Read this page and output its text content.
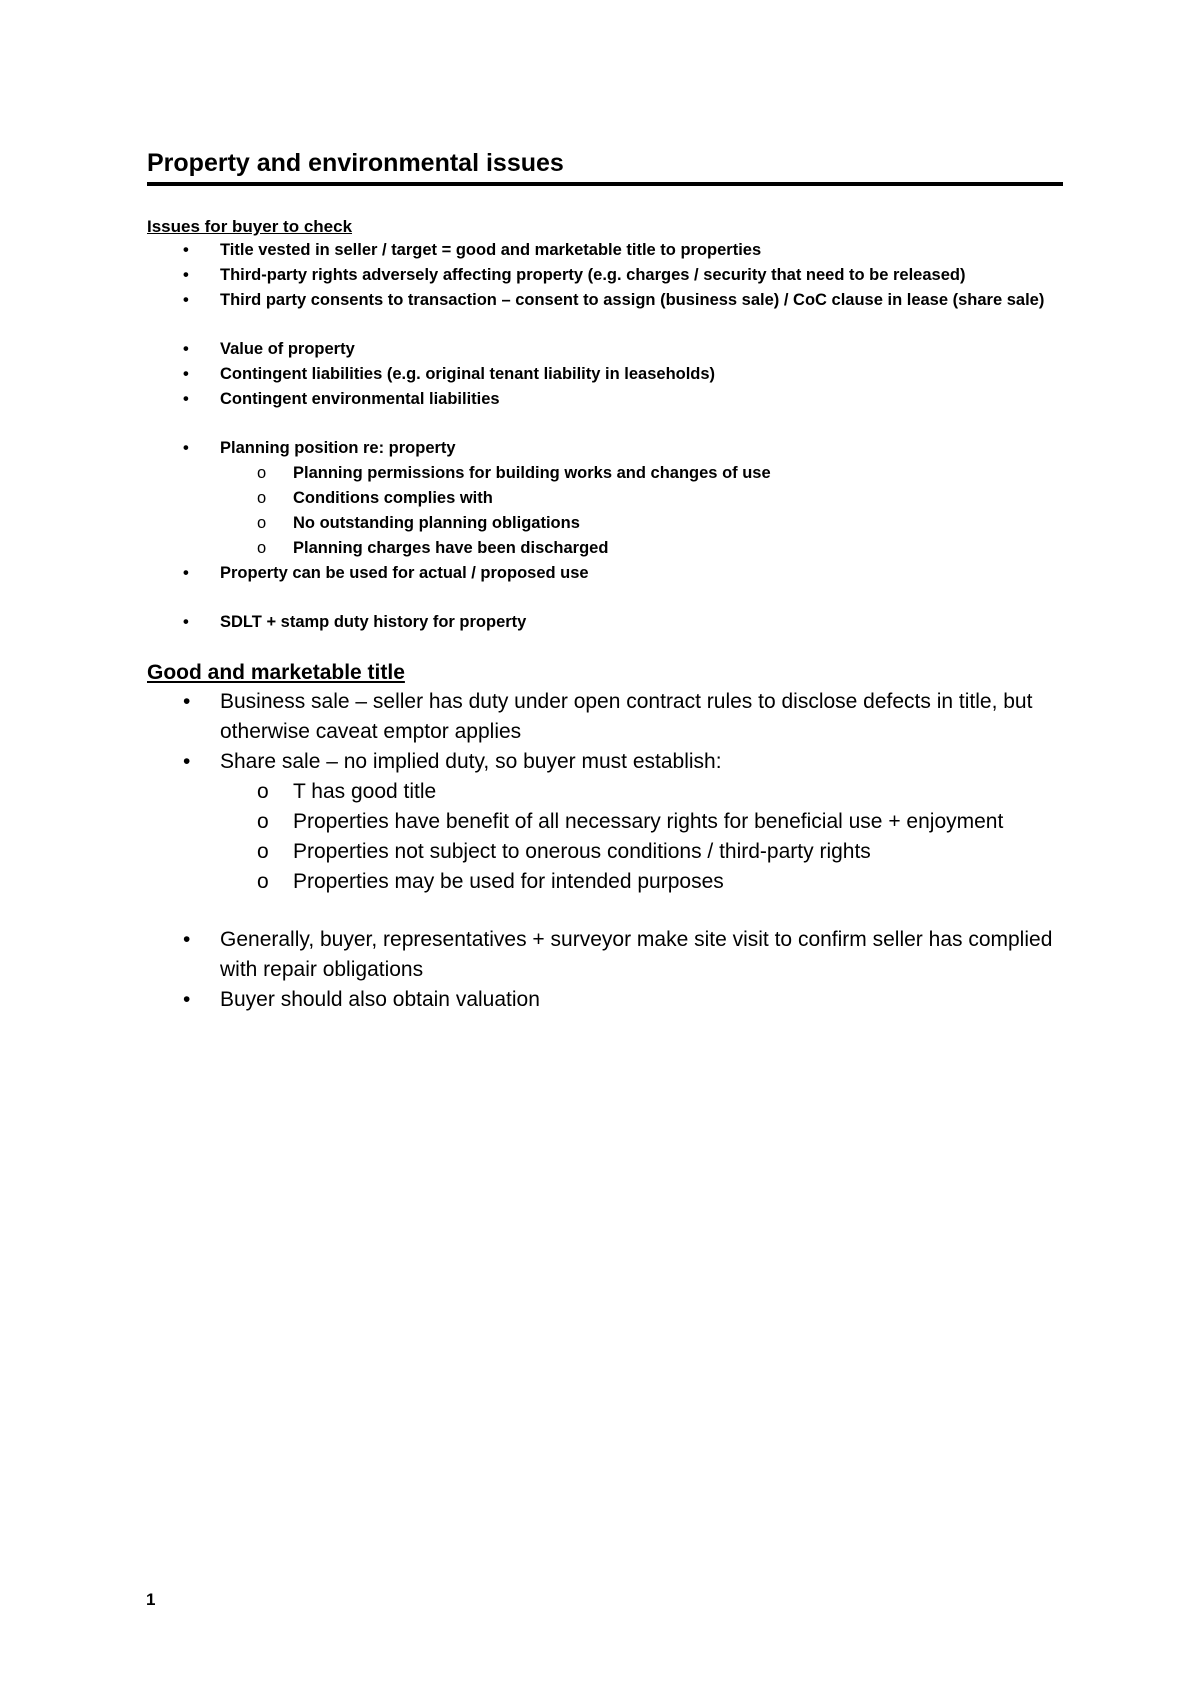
Property and environmental issues
Issues for buyer to check
• Title vested in seller / target = good and marketable title to properties
• Third-party rights adversely affecting property (e.g. charges / security that need to be released)
• Third party consents to transaction – consent to assign (business sale) / CoC clause in lease (share sale)
• Value of property
• Contingent liabilities (e.g. original tenant liability in leaseholds)
• Contingent environmental liabilities
• Planning position re: property
o Planning permissions for building works and changes of use
o Conditions complies with
o No outstanding planning obligations
o Planning charges have been discharged
• Property can be used for actual / proposed use
• SDLT + stamp duty history for property
Good and marketable title
• Business sale – seller has duty under open contract rules to disclose defects in title, but otherwise caveat emptor applies
• Share sale – no implied duty, so buyer must establish:
o T has good title
o Properties have benefit of all necessary rights for beneficial use + enjoyment
o Properties not subject to onerous conditions / third-party rights
o Properties may be used for intended purposes
• Generally, buyer, representatives + surveyor make site visit to confirm seller has complied with repair obligations
• Buyer should also obtain valuation
1
